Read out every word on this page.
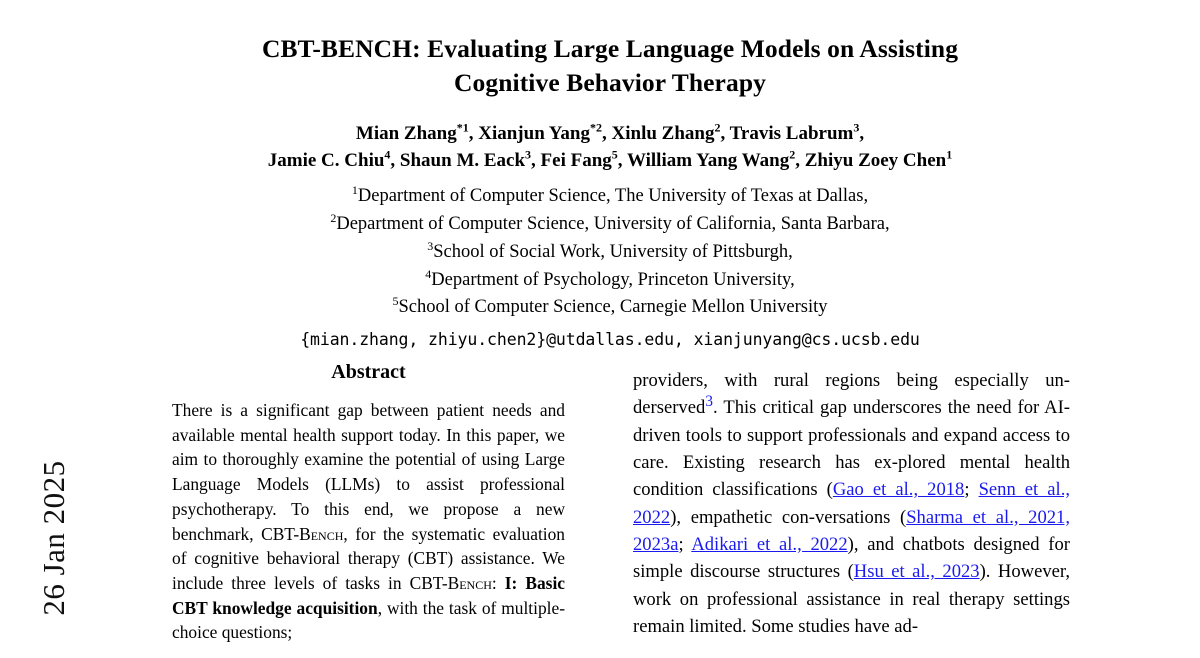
26 Jan 2025
CBT-BENCH: Evaluating Large Language Models on Assisting
Cognitive Behavior Therapy
Mian Zhang$^{*1}$, Xianjun Yang$^{*2}$, Xinlu Zhang$^2$, Travis Labrum$^3$,
Jamie C. Chiu$^4$, Shaun M. Eack$^3$, Fei Fang$^5$, William Yang Wang$^2$, Zhiyu Zoey Chen$^1$
$^1$Department of Computer Science, The University of Texas at Dallas,
$^2$Department of Computer Science, University of California, Santa Barbara,
$^3$School of Social Work, University of Pittsburgh,
$^4$Department of Psychology, Princeton University,
$^5$School of Computer Science, Carnegie Mellon University
{mian.zhang, zhiyu.chen2}@utdallas.edu, xianjunyang@cs.ucsb.edu
Abstract
There is a significant gap between patient needs and available mental health support today. In this paper, we aim to thoroughly examine the potential of using Large Language Models (LLMs) to assist professional psychotherapy. To this end, we propose a new benchmark, CBT-Bench, for the systematic evaluation of cognitive behavioral therapy (CBT) assistance. We include three levels of tasks in CBT-Bench: I: Basic CBT knowledge acquisition, with the task of multiple-choice questions;

providers, with rural regions being especially un-derserved$^3$. This critical gap underscores the need for AI-driven tools to support professionals and expand access to care. Existing research has ex-plored mental health condition classifications (Gao et al., 2018; Senn et al., 2022), empathetic con-versations (Sharma et al., 2021, 2023a; Adikari et al., 2022), and chatbots designed for simple discourse structures (Hsu et al., 2023). However, work on professional assistance in real therapy settings remain limited. Some studies have ad-
